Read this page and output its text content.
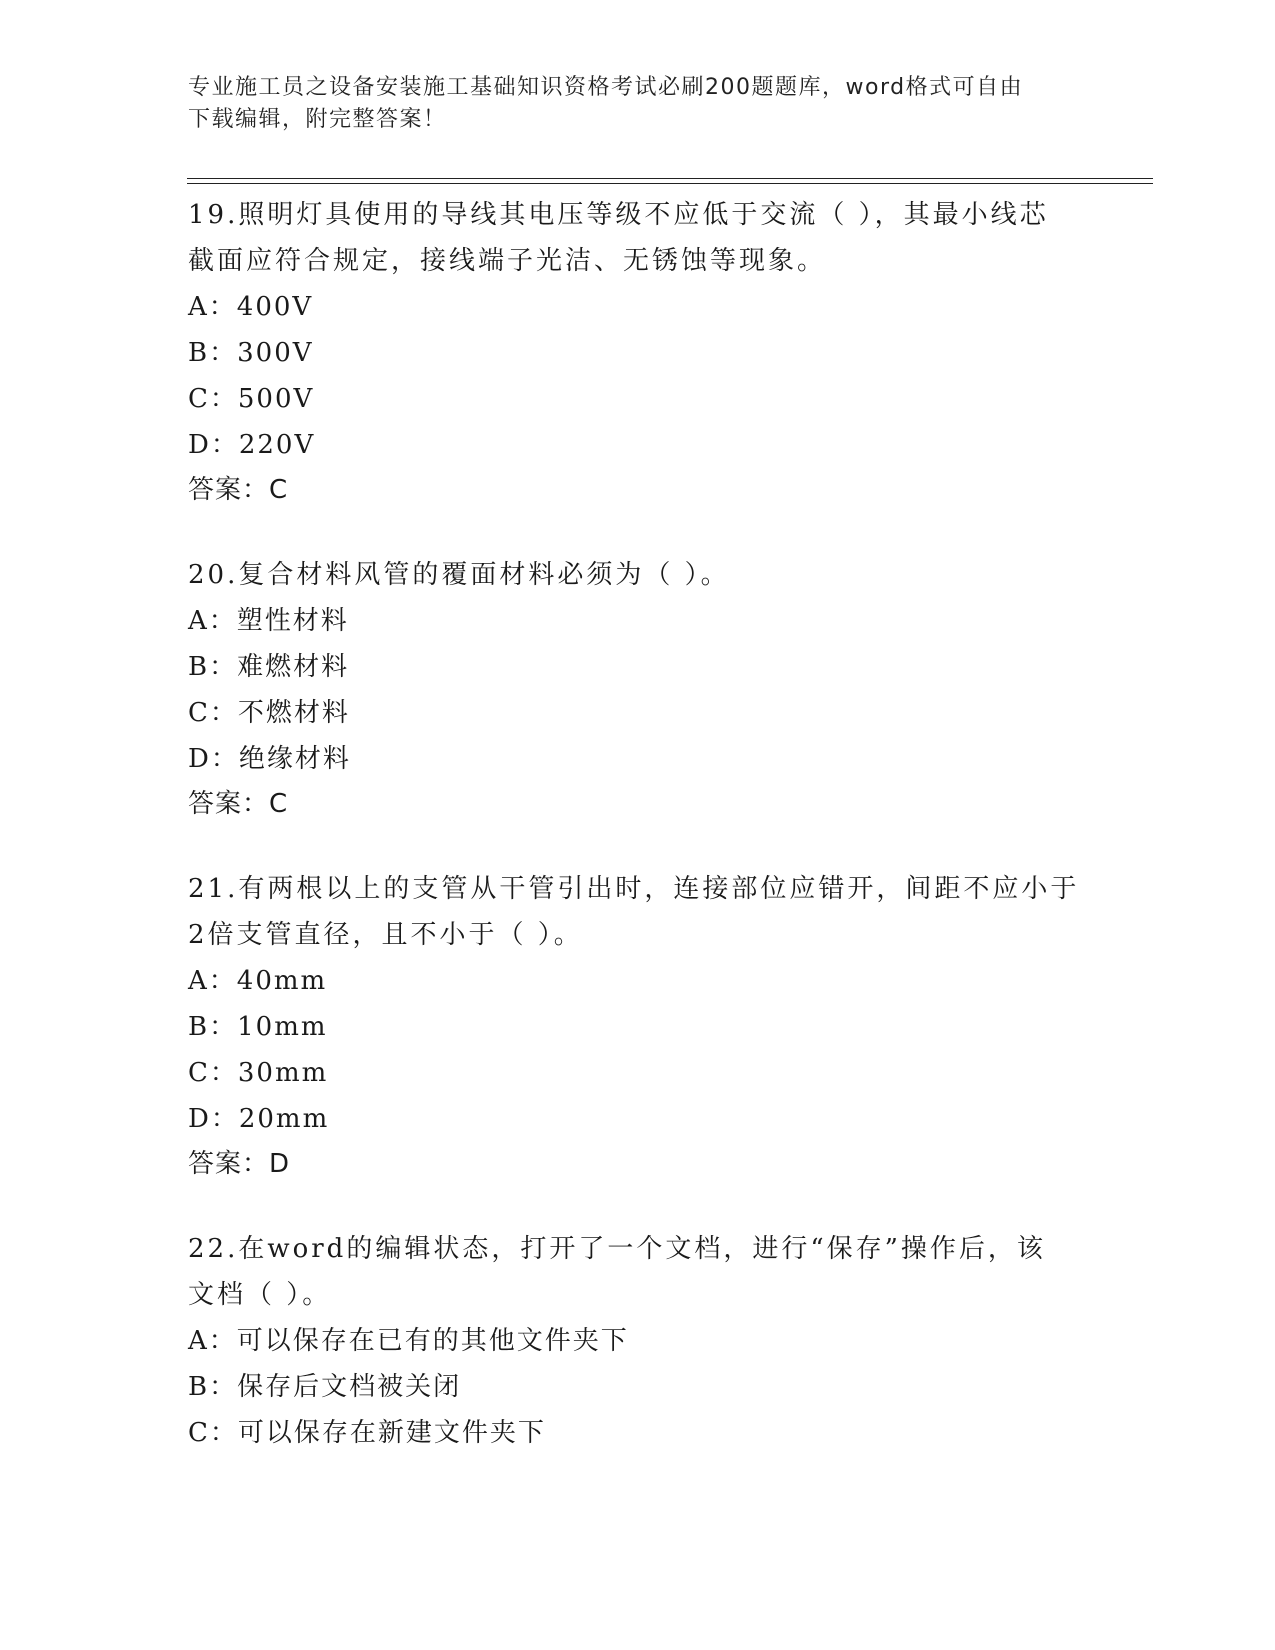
专业施工员之设备安装施工基础知识资格考试必刷200题题库，word格式可自由
下载编辑，附完整答案！

19.照明灯具使用的导线其电压等级不应低于交流（ ），其最小线芯

截面应符合规定，接线端子光洁、无锈蚀等现象。

A：400V

B：300V

C：500V

D：220V

答案：C

20.复合材料风管的覆面材料必须为（ ）。

A：塑性材料

B：难燃材料

C：不燃材料

D：绝缘材料

答案：C

21.有两根以上的支管从干管引出时，连接部位应错开，间距不应小于

2倍支管直径，且不小于（ ）。

A：40mm

B：10mm

C：30mm

D：20mm

答案：D

22.在word的编辑状态，打开了一个文档，进行“保存”操作后，该

文档（ ）。

A：可以保存在已有的其他文件夹下

B：保存后文档被关闭

C：可以保存在新建文件夹下
